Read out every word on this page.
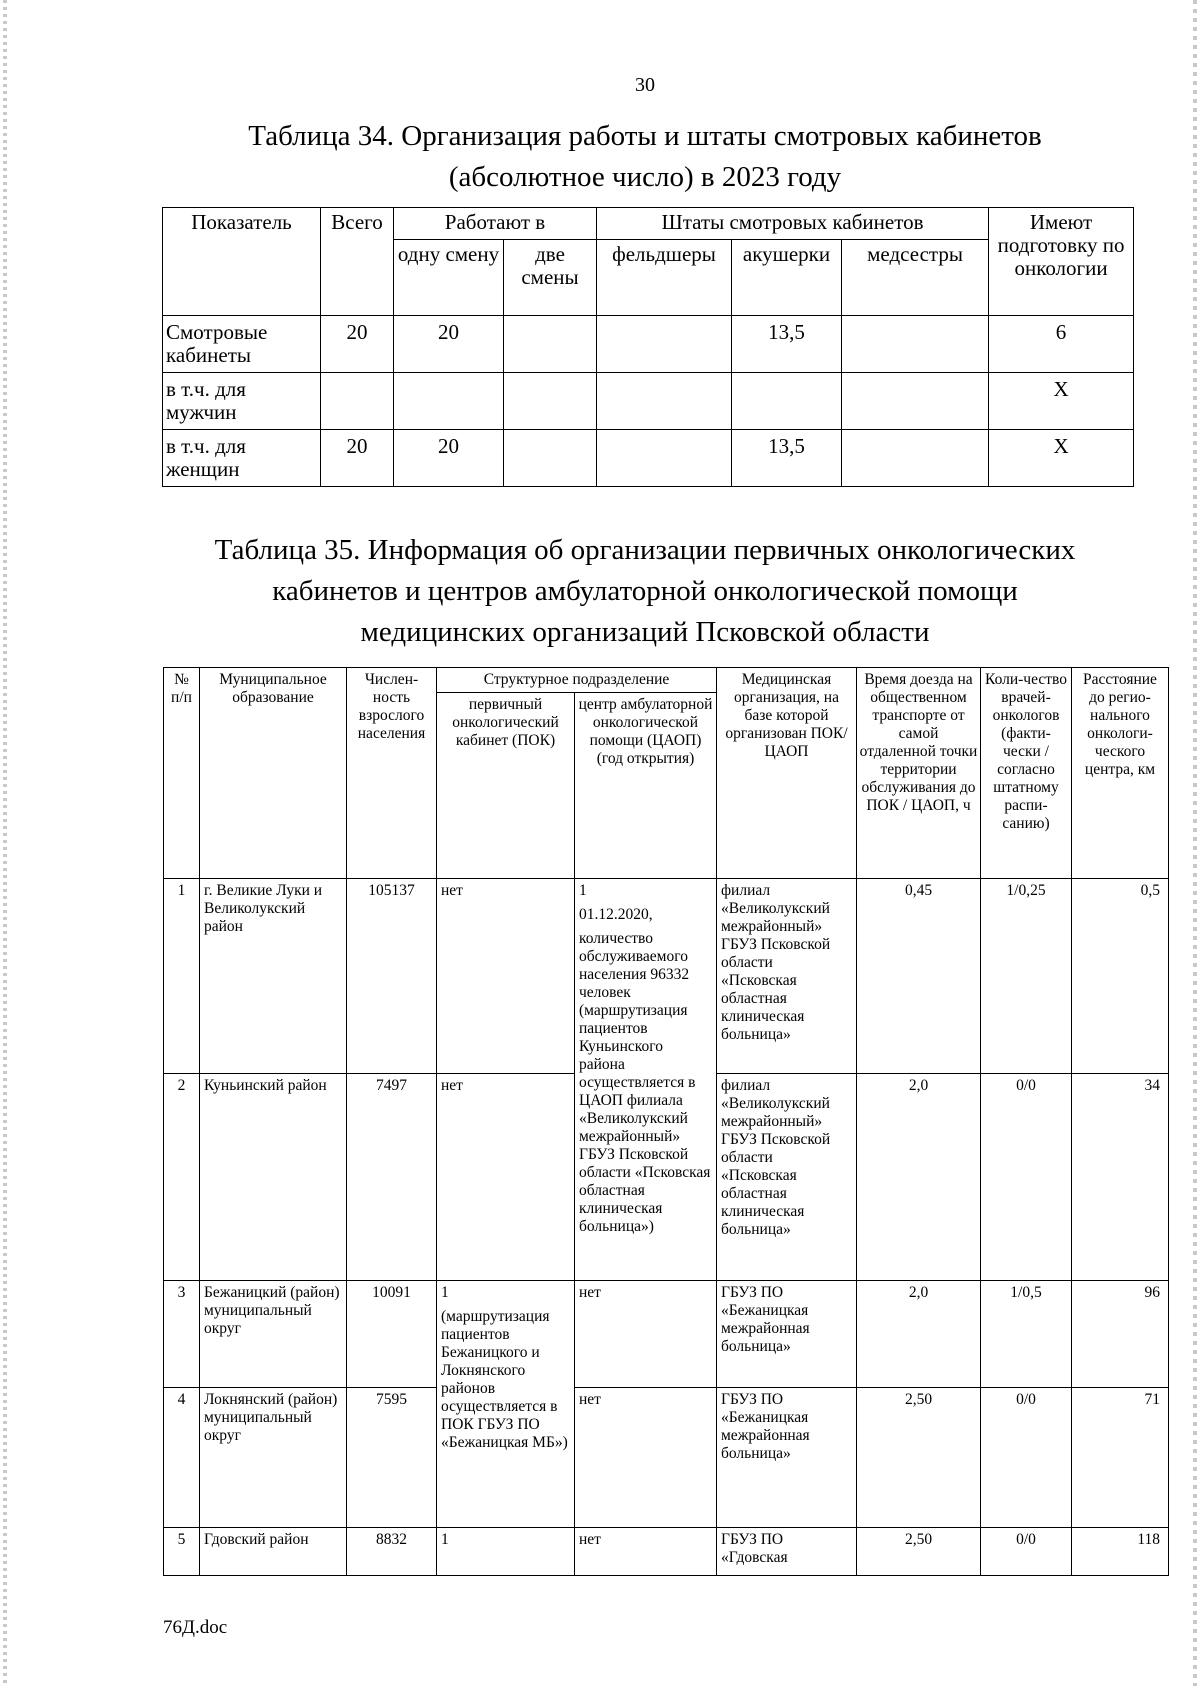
30
Таблица 34. Организация работы и штаты смотровых кабинетов
(абсолютное число) в 2023 году
Показатель	Всего	Работают в		Штаты смотровых кабинетов			Имеют подготовку по онкологии
		одну смену	две смены	фельдшеры	акушерки	медсестры	
Смотровые кабинеты	20	20			13,5		6
в т.ч. для мужчин							Х
в т.ч. для женщин	20	20			13,5		Х
Таблица 35. Информация об организации первичных онкологических
кабинетов и центров амбулаторной онкологической помощи
медицинских организаций Псковской области
№ п/п	Муниципальное образование	Числен-ность взрослого населения	Структурное подразделение		Медицинская организация, на базе которой организован ПОК/ЦАОП	Время доезда на общественном транспорте от самой отдаленной точки территории обслуживания до ПОК / ЦАОП, ч	Коли-чество врачей-онкологов (факти-чески / согласно штатному распи-санию)	Расстояние до регио-нального онкологи-ческого центра, км
			первичный онкологический кабинет (ПОК)	центр амбулаторной онкологической помощи (ЦАОП) (год открытия)				
1	г. Великие Луки и Великолукский район	105137	нет	1
01.12.2020,
количество обслуживаемого населения 96332 человек (маршрутизация пациентов Куньинского района осуществляется в ЦАОП филиала «Великолукский межрайонный» ГБУЗ Псковской области «Псковская областная клиническая больница»)	филиал «Великолукский межрайонный» ГБУЗ Псковской области «Псковская областная клиническая больница»	0,45	1/0,25	0,5
2	Куньинский район	7497	нет		филиал «Великолукский межрайонный» ГБУЗ Псковской области «Псковская областная клиническая больница»	2,0	0/0	34
3	Бежаницкий (район) муниципальный округ	10091	1
(маршрутизация пациентов Бежаницкого и Локнянского районов осуществляется в ПОК ГБУЗ ПО «Бежаницкая МБ»)	нет	ГБУЗ ПО «Бежаницкая межрайонная больница»	2,0	1/0,5	96
4	Локнянский (район) муниципальный округ	7595		нет	ГБУЗ ПО «Бежаницкая межрайонная больница»	2,50	0/0	71
5	Гдовский район	8832	1	нет	ГБУЗ ПО «Гдовская	2,50	0/0	118
76Д.doc
